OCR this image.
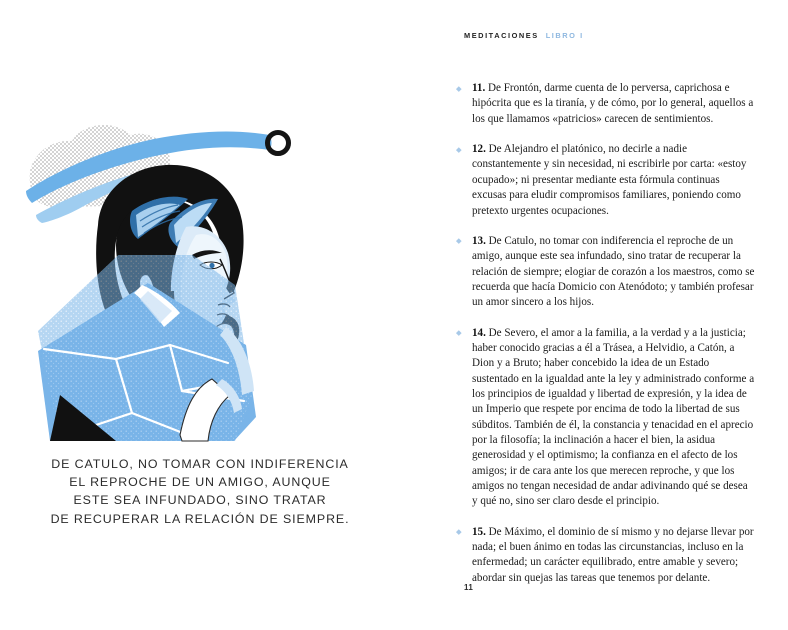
DE CATULO, NO TOMAR CON INDIFERENCIA
EL REPROCHE DE UN AMIGO, AUNQUE
ESTE SEA INFUNDADO, SINO TRATAR
DE RECUPERAR LA RELACIÓN DE SIEMPRE.
MEDITACIONES LIBRO I

11. De Frontón, darme cuenta de lo perversa, caprichosa e hipócrita que es la tiranía, y de cómo, por lo general, aquellos a los que llamamos «patricios» carecen de sentimientos.

12. De Alejandro el platónico, no decirle a nadie constantemente y sin necesidad, ni escribirle por carta: «estoy ocupado»; ni presentar mediante esta fórmula continuas excusas para eludir compromisos familiares, poniendo como pretexto urgentes ocupaciones.

13. De Catulo, no tomar con indiferencia el reproche de un amigo, aunque este sea infundado, sino tratar de recuperar la relación de siempre; elogiar de corazón a los maestros, como se recuerda que hacía Domicio con Atenódoto; y también profesar un amor sincero a los hijos.

14. De Severo, el amor a la familia, a la verdad y a la justicia; haber conocido gracias a él a Trásea, a Helvidio, a Catón, a Dion y a Bruto; haber concebido la idea de un Estado sustentado en la igualdad ante la ley y administrado conforme a los principios de igualdad y libertad de expresión, y la idea de un Imperio que respete por encima de todo la libertad de sus súbditos. También de él, la constancia y tenacidad en el aprecio por la filosofía; la inclinación a hacer el bien, la asidua generosidad y el optimismo; la confianza en el afecto de los amigos; ir de cara ante los que merecen reproche, y que los amigos no tengan necesidad de andar adivinando qué se desea y qué no, sino ser claro desde el principio.

15. De Máximo, el dominio de sí mismo y no dejarse llevar por nada; el buen ánimo en todas las circunstancias, incluso en la enfermedad; un carácter equilibrado, entre amable y severo; abordar sin quejas las tareas que tenemos por delante.

11
